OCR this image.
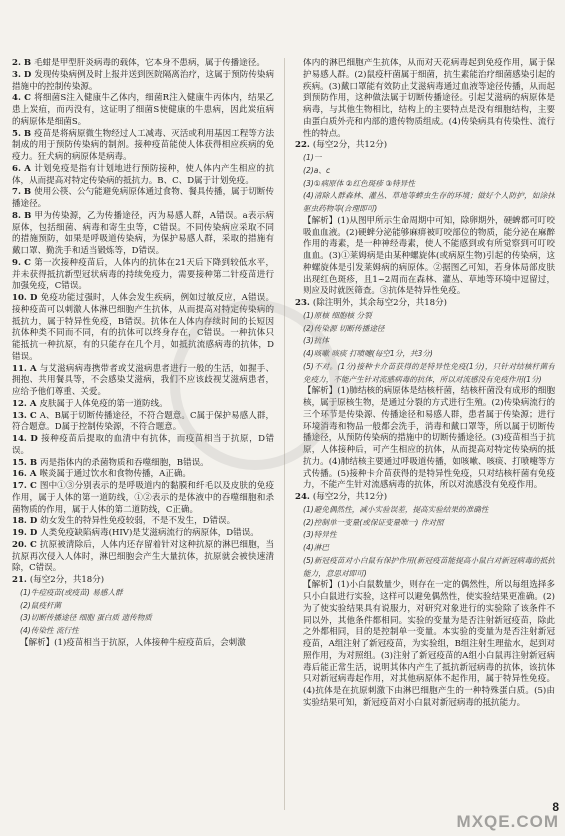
2. B 毛蚶是甲型肝炎病毒的载体，它本身不患病，属于传播途径。
3. D 发现传染病例及时上报并送到医院隔离治疗，这属于预防传染病措施中的控制传染源。
4. C 将细菌S注入健康牛乙体内，细菌R注入健康牛丙体内，结果乙患上炭疽，而丙没有，这证明了细菌S使健康的牛患病，因此炭疽病的病原体是细菌S。
5. B 疫苗是将病原微生物经过人工减毒、灭活或利用基因工程等方法制成的用于预防传染病的制剂。接种疫苗能使人体获得相应疾病的免疫力。狂犬病的病原体是病毒。
6. A 计划免疫是指有计划地进行预防接种，使人体内产生相应的抗体，从而提高对特定传染病的抵抗力。B、C、D属于计划免疫。
7. B 使用公筷、公勺能避免病原体通过食物、餐具传播，属于切断传播途径。
8. B 甲为传染源，乙为传播途径，丙为易感人群，A错误。a表示病原体，包括细菌、病毒和寄生虫等，C错误。不同传染病应采取不同的措施预防，如果是呼吸道传染病，为保护易感人群，采取的措施有戴口罩、勤洗手和适当锻炼等，D错误。
9. C 第一次接种疫苗后，人体内的抗体在21天后下降到较低水平，并未获得抵抗新型冠状病毒的持续免疫力，需要接种第二针疫苗进行加强免疫，C错误。
10. D 免疫功能过强时，人体会发生疾病，例如过敏反应，A错误。接种疫苗可以刺激人体淋巴细胞产生抗体，从而提高对特定传染病的抵抗力，属于特异性免疫，B错误。抗体在人体内存续时间的长短因抗体种类不同而不同，有的抗体可以终身存在，C错误。一种抗体只能抵抗一种抗原，有的只能存在几个月，如抵抗流感病毒的抗体，D错误。
11. A 与艾滋病病毒携带者或艾滋病患者进行一般的生活，如握手、拥抱、共用餐具等，不会感染艾滋病，我们不应该歧视艾滋病患者，应给予他们尊重、关爱。
12. A 皮肤属于人体免疫的第一道防线。
13. C A、B属于切断传播途径，不符合题意。C属于保护易感人群，符合题意。D属于控制传染源，不符合题意。
14. D 接种疫苗后提取的血清中有抗体，而疫苗相当于抗原，D错误。
15. B 丙是指体内的杀菌物质和吞噬细胞，B错误。
16. A 喉炎属于通过饮水和食物传播，A正确。
17. C 图中①③分别表示的是呼吸道内的黏膜和纤毛以及皮肤的免疫作用，属于人体的第一道防线，①②表示的是体液中的吞噬细胞和杀菌物质的作用，属于人体的第二道防线，C正确。
18. D 幼女发生的特异性免疫较弱，不是不发生，D错误。
19. D 人类免疫缺陷病毒(HIV)是艾滋病流行的病原体，D错误。
20. C 抗原被清除后，人体内还存留着针对这种抗原的淋巴细胞，当抗原再次侵入人体时，淋巴细胞会产生大量抗体，抗原就会被快速清除，C错误。
21. (每空2分，共18分)
(1)牛痘疫苗(或疫苗) 易感人群
(2)鼠疫杆菌
(3)切断传播途径 细胞 蛋白质 遗传物质
(4)传染性 流行性
【解析】(1)疫苗相当于抗原，人体接种牛痘疫苗后，会刺激
体内的淋巴细胞产生抗体，从而对天花病毒起到免疫作用，属于保护易感人群。(2)鼠疫杆菌属于细菌，抗生素能治疗细菌感染引起的疾病。(3)戴口罩能有效防止艾滋病毒通过血液等途径传播，从而起到预防作用，这种做法属于切断传播途径。引起艾滋病的病原体是病毒，与其他生物相比，结构上的主要特点是没有细胞结构，主要由蛋白质外壳和内部的遗传物质组成。(4)传染病具有传染性、流行性的特点。
22. (每空2分，共12分)
(1)一
(2)a、c
(3)①病原体 ②红色斑疹 ③特异性
(4)清除人群森林、灌丛、草地等蜱虫生存的环境；做好个人防护，如涂抹驱虫药物等(合理即可)
【解析】(1)从图甲所示生命周期中可知，除卵期外，硬蜱都可叮咬吸血血液。(2)硬蜱分泌能够麻痹被叮咬部位的物质，能分泌在麻醉作用的毒素，是一种神经毒素，使人不能感到或有所觉察到可叮咬血血。(3)①莱姆病是由某种螺旋体(或病原生物)引起的传染病，这种螺旋体是引发莱姆病的病原体。②据图乙可知，若身体局部皮肤出现红色斑疹，且1~2周而在森林、灌丛、草地等环境中逗留过，则应及时就医筛查。③抗体是特异性免疫。
23. (除注明外，其余每空2分，共18分)
(1)原核 细胞核 分裂
(2)传染源 切断传播途径
(3)抗体
(4)咳嗽 咳痰 打喷嚏(每空1分，共3分)
(5)不对。(1分)接种卡介苗获得的是特异性免疫(1分)，只针对结核杆菌有免疫力，不能产生针对流感病毒的抗体，所以对流感没有免疫作用(1分)
【解析】(1)肺结核的病原体是结核杆菌，结核杆菌没有成形的细胞核，属于原核生物，是通过分裂的方式进行生殖。(2)传染病流行的三个环节是传染源、传播途径和易感人群，患者属于传染源；进行环境消毒和物品一般都会洗手，消毒和戴口罩等，所以属于切断传播途径，从预防传染病的措施中的切断传播途径。(3)疫苗相当于抗原，人体接种后，可产生相应的抗体，从而提高对特定传染病的抵抗力。(4)肺结核主要通过呼吸道传播，如咳嗽、咳痰、打喷嚏等方式传播。(5)接种卡介苗获得的是特异性免疫，只对结核杆菌有免疫力，不能产生针对流感病毒的抗体，所以对流感没有免疫作用。
24. (每空2分，共12分)
(1)避免偶然性，减小实验误差，提高实验结果的准确性
(2)控制单一变量(或保证变量唯一) 作对照
(3)特异性
(4)淋巴
(5)新冠疫苗对小白鼠有保护作用(新冠疫苗能提高小鼠白对新冠病毒的抵抗能力，意思对即可)
【解析】(1)小白鼠数量少，则存在一定的偶然性，所以每组选择多只小白鼠进行实验，这样可以避免偶然性，使实验结果更准确。(2)为了使实验结果具有说服力，对研究对象进行的实验除了该条件不同以外，其他条件都相同。实验的变量为是否注射新冠疫苗，除此之外都相同，目的是控制单一变量。本实验的变量为是否注射新冠疫苗，A组注射了新冠疫苗，为实验组，B组注射生理盐水，起到对照作用，为对照组。(3)注射了新冠疫苗的A组小白鼠再注射新冠病毒后能正常生活，说明其体内产生了抵抗新冠病毒的抗体，该抗体只对新冠病毒起作用，对其他病原体不起作用，属于特异性免疫。(4)抗体是在抗原刺激下由淋巴细胞产生的一种特殊蛋白质。(5)由实验结果可知，新冠疫苗对小白鼠对新冠病毒的抵抗能力。
MXQE.COM
8
